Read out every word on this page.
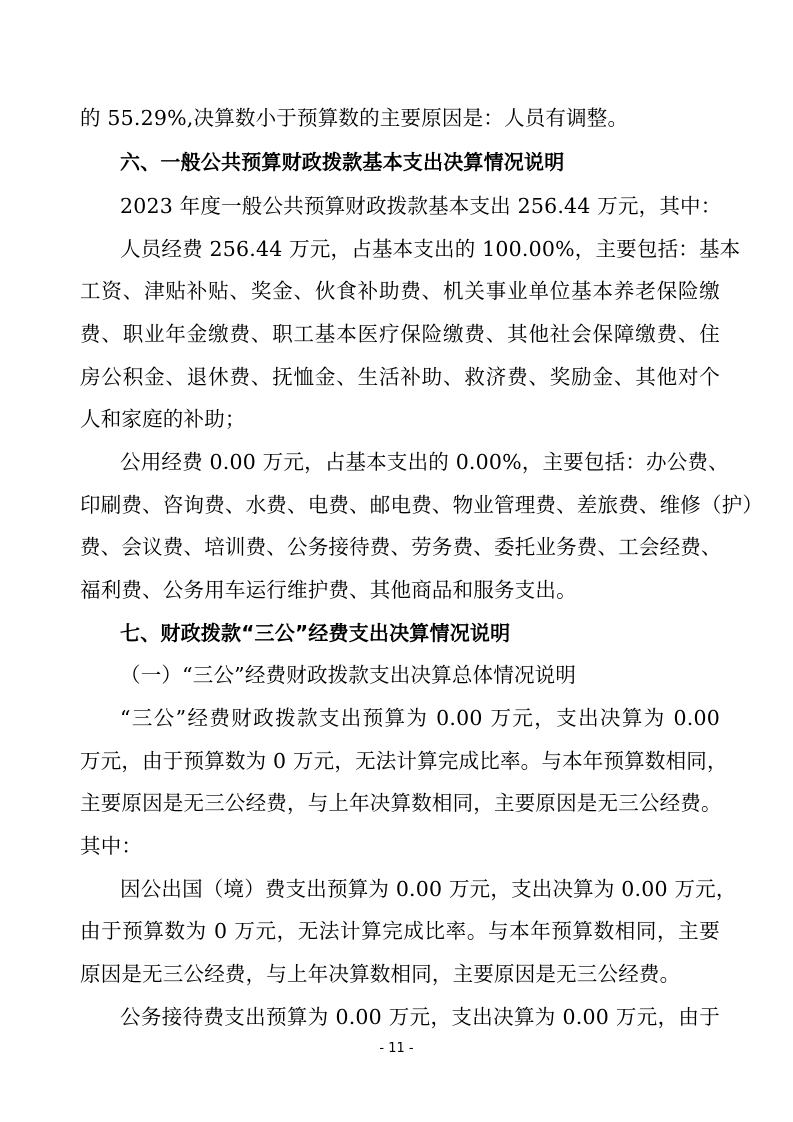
的 55.29%,决算数小于预算数的主要原因是：人员有调整。
六、一般公共预算财政拨款基本支出决算情况说明
2023 年度一般公共预算财政拨款基本支出 256.44 万元，其中：
人员经费 256.44 万元，占基本支出的 100.00%，主要包括：基本
工资、津贴补贴、奖金、伙食补助费、机关事业单位基本养老保险缴
费、职业年金缴费、职工基本医疗保险缴费、其他社会保障缴费、住
房公积金、退休费、抚恤金、生活补助、救济费、奖励金、其他对个
人和家庭的补助；
公用经费 0.00 万元，占基本支出的 0.00%，主要包括：办公费、
印刷费、咨询费、水费、电费、邮电费、物业管理费、差旅费、维修（护）
费、会议费、培训费、公务接待费、劳务费、委托业务费、工会经费、
福利费、公务用车运行维护费、其他商品和服务支出。
七、财政拨款“三公”经费支出决算情况说明
（一）“三公”经费财政拨款支出决算总体情况说明
“三公”经费财政拨款支出预算为 0.00 万元，支出决算为 0.00
万元，由于预算数为 0 万元，无法计算完成比率。与本年预算数相同，
主要原因是无三公经费，与上年决算数相同，主要原因是无三公经费。
其中：
因公出国（境）费支出预算为 0.00 万元，支出决算为 0.00 万元，
由于预算数为 0 万元，无法计算完成比率。与本年预算数相同，主要
原因是无三公经费，与上年决算数相同，主要原因是无三公经费。
公务接待费支出预算为 0.00 万元，支出决算为 0.00 万元，由于
- 11 -
